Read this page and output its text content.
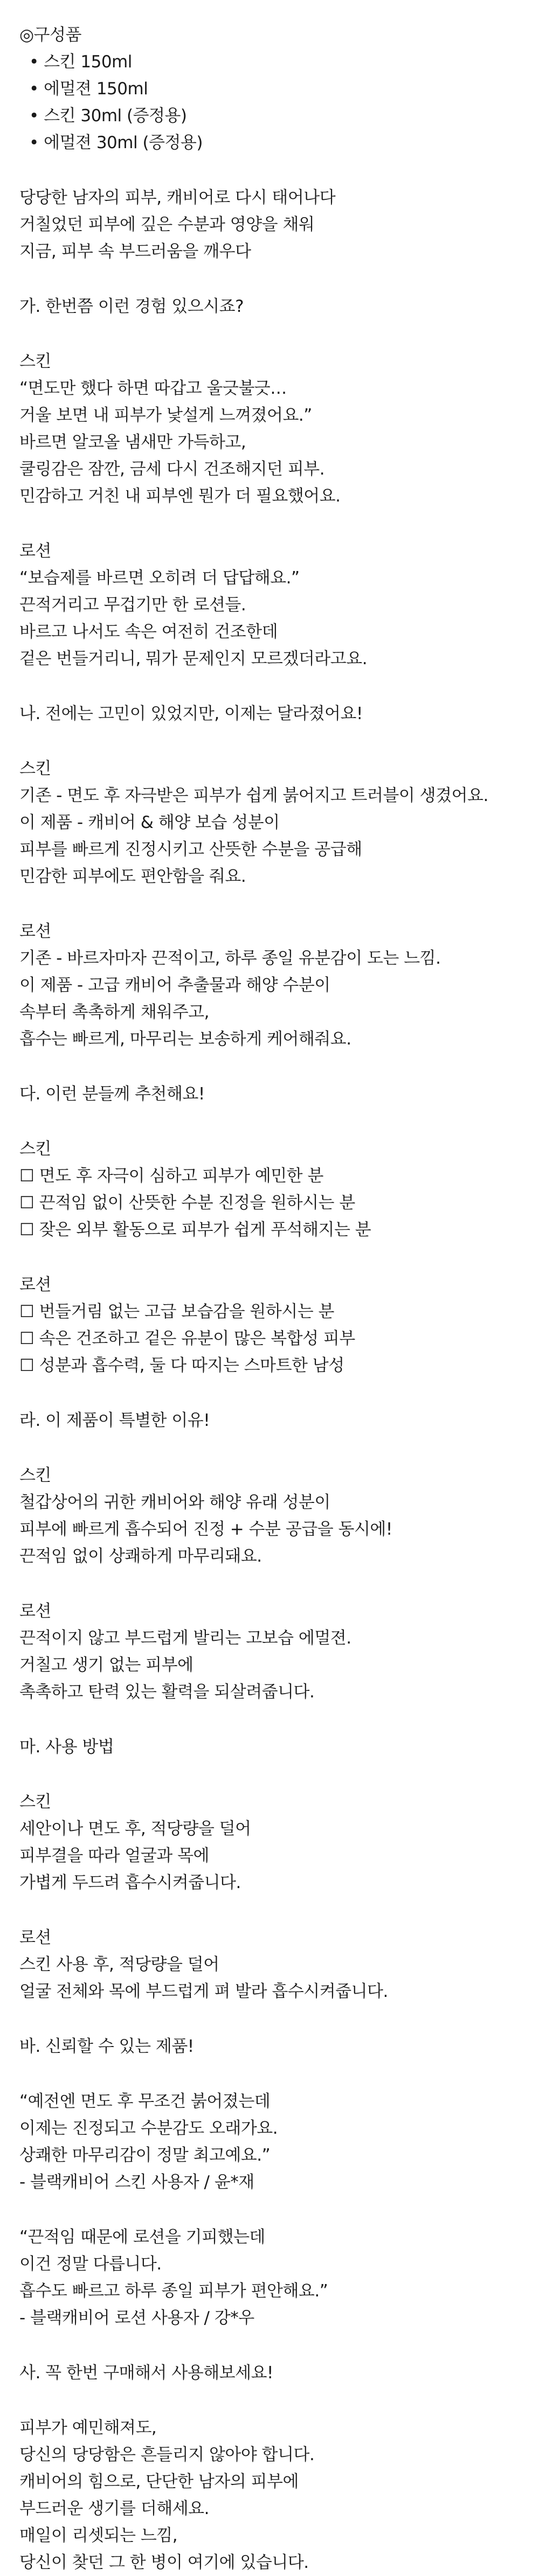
◎구성품
• 스킨 150ml
• 에멀젼 150ml
• 스킨 30ml (증정용)
• 에멀젼 30ml (증정용)
당당한 남자의 피부, 캐비어로 다시 태어나다
거칠었던 피부에 깊은 수분과 영양을 채워
지금, 피부 속 부드러움을 깨우다
가. 한번쯤 이런 경험 있으시죠?
스킨
“면도만 했다 하면 따갑고 울긋불긋…
거울 보면 내 피부가 낯설게 느껴졌어요.”
바르면 알코올 냄새만 가득하고,
쿨링감은 잠깐, 금세 다시 건조해지던 피부.
민감하고 거친 내 피부엔 뭔가 더 필요했어요.
로션
“보습제를 바르면 오히려 더 답답해요.”
끈적거리고 무겁기만 한 로션들.
바르고 나서도 속은 여전히 건조한데
겉은 번들거리니, 뭐가 문제인지 모르겠더라고요.
나. 전에는 고민이 있었지만, 이제는 달라졌어요!
스킨
기존 - 면도 후 자극받은 피부가 쉽게 붉어지고 트러블이 생겼어요.
이 제품 - 캐비어 & 해양 보습 성분이
피부를 빠르게 진정시키고 산뜻한 수분을 공급해
민감한 피부에도 편안함을 줘요.
로션
기존 - 바르자마자 끈적이고, 하루 종일 유분감이 도는 느낌.
이 제품 - 고급 캐비어 추출물과 해양 수분이
속부터 촉촉하게 채워주고,
흡수는 빠르게, 마무리는 보송하게 케어해줘요.
다. 이런 분들께 추천해요!
스킨
☐ 면도 후 자극이 심하고 피부가 예민한 분
☐ 끈적임 없이 산뜻한 수분 진정을 원하시는 분
☐ 잦은 외부 활동으로 피부가 쉽게 푸석해지는 분
로션
☐ 번들거림 없는 고급 보습감을 원하시는 분
☐ 속은 건조하고 겉은 유분이 많은 복합성 피부
☐ 성분과 흡수력, 둘 다 따지는 스마트한 남성
라. 이 제품이 특별한 이유!
스킨
철갑상어의 귀한 캐비어와 해양 유래 성분이
피부에 빠르게 흡수되어 진정 + 수분 공급을 동시에!
끈적임 없이 상쾌하게 마무리돼요.
로션
끈적이지 않고 부드럽게 발리는 고보습 에멀젼.
거칠고 생기 없는 피부에
촉촉하고 탄력 있는 활력을 되살려줍니다.
마. 사용 방법
스킨
세안이나 면도 후, 적당량을 덜어
피부결을 따라 얼굴과 목에
가볍게 두드려 흡수시켜줍니다.
로션
스킨 사용 후, 적당량을 덜어
얼굴 전체와 목에 부드럽게 펴 발라 흡수시켜줍니다.
바. 신뢰할 수 있는 제품!
“예전엔 면도 후 무조건 붉어졌는데
이제는 진정되고 수분감도 오래가요.
상쾌한 마무리감이 정말 최고예요.”
- 블랙캐비어 스킨 사용자 / 윤*재
“끈적임 때문에 로션을 기피했는데
이건 정말 다릅니다.
흡수도 빠르고 하루 종일 피부가 편안해요.”
- 블랙캐비어 로션 사용자 / 강*우
사. 꼭 한번 구매해서 사용해보세요!
피부가 예민해져도,
당신의 당당함은 흔들리지 않아야 합니다.
캐비어의 힘으로, 단단한 남자의 피부에
부드러운 생기를 더해세요.
매일이 리셋되는 느낌,
당신이 찾던 그 한 병이 여기에 있습니다.
